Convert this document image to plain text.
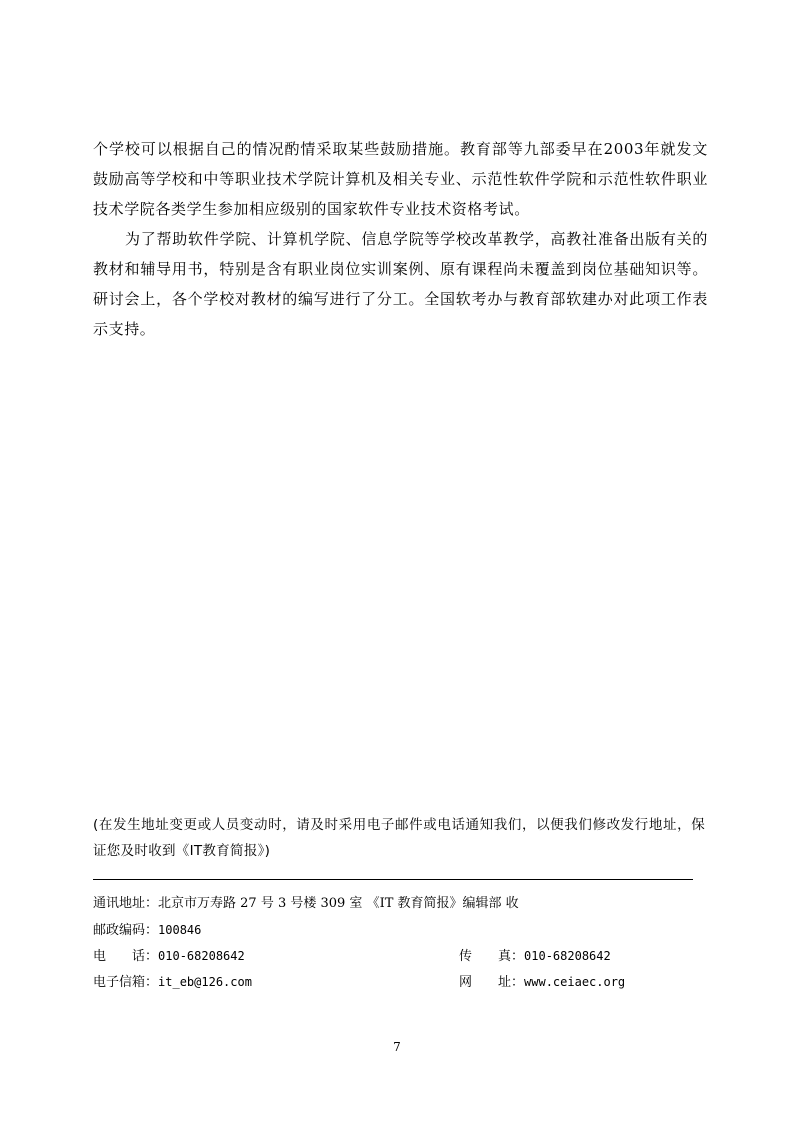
个学校可以根据自己的情况酌情采取某些鼓励措施。教育部等九部委早在2003年就发文鼓励高等学校和中等职业技术学院计算机及相关专业、示范性软件学院和示范性软件职业技术学院各类学生参加相应级别的国家软件专业技术资格考试。

为了帮助软件学院、计算机学院、信息学院等学校改革教学，高教社准备出版有关的教材和辅导用书，特别是含有职业岗位实训案例、原有课程尚未覆盖到岗位基础知识等。研讨会上，各个学校对教材的编写进行了分工。全国软考办与教育部软建办对此项工作表示支持。

(在发生地址变更或人员变动时，请及时采用电子邮件或电话通知我们，以便我们修改发行地址，保证您及时收到《IT教育简报》)
通讯地址：北京市万寿路 27 号 3 号楼 309 室 《IT 教育简报》编辑部 收
邮政编码：100846
电　　话：010-68208642	传　　真：010-68208642
电子信箱：it_eb@126.com	网　　址：www.ceiaec.org
7
